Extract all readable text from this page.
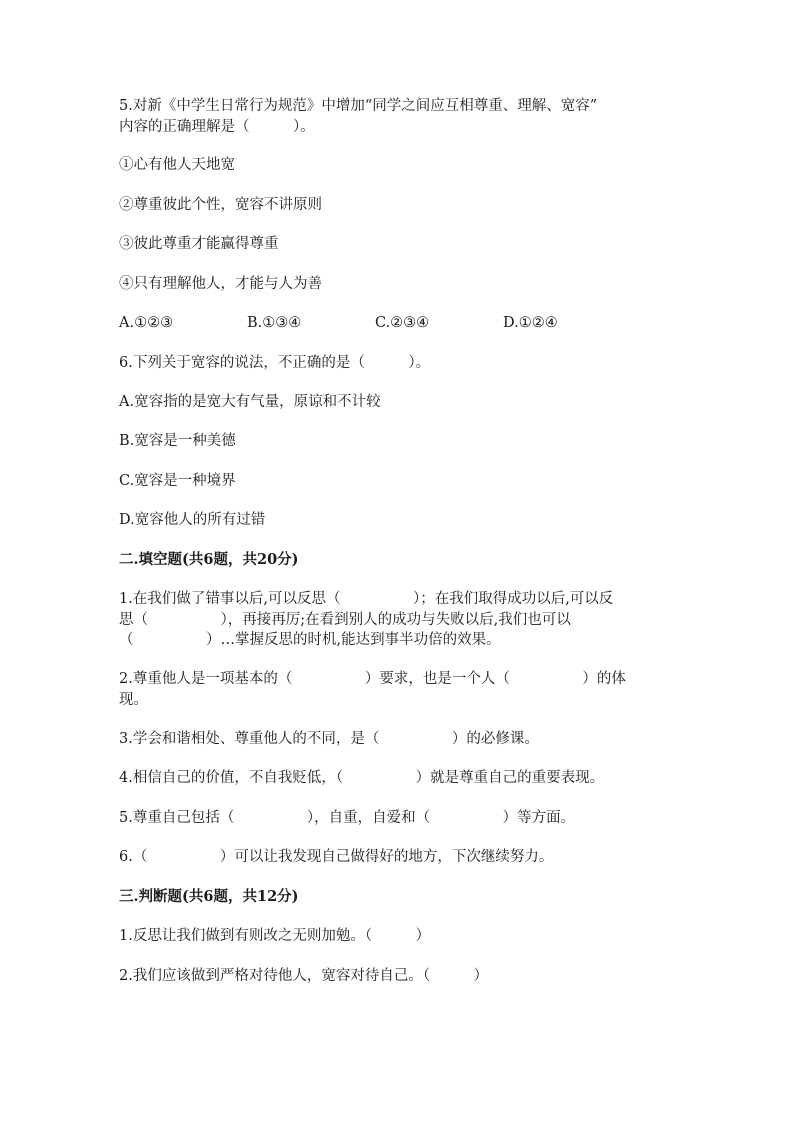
5.对新《中学生日常行为规范》中增加“同学之间应互相尊重、理解、宽容”
内容的正确理解是（　　　）。
①心有他人天地宽
②尊重彼此个性，宽容不讲原则
③彼此尊重才能赢得尊重
④只有理解他人，才能与人为善
A.①②③	B.①③④	C.②③④	D.①②④
6.下列关于宽容的说法，不正确的是（　　　）。
A.宽容指的是宽大有气量，原谅和不计较
B.宽容是一种美德
C.宽容是一种境界
D.宽容他人的所有过错
二.填空题(共6题，共20分)
1.在我们做了错事以后,可以反思（　　　　　）；在我们取得成功以后,可以反
思（　　　　　），再接再厉;在看到别人的成功与失败以后,我们也可以
（　　　　　）…掌握反思的时机,能达到事半功倍的效果。
2.尊重他人是一项基本的（　　　　　）要求，也是一个人（　　　　　）的体
现。
3.学会和谐相处、尊重他人的不同，是（　　　　　）的必修课。
4.相信自己的价值，不自我贬低，（　　　　　）就是尊重自己的重要表现。
5.尊重自己包括（　　　　　），自重，自爱和（　　　　　）等方面。
6.（　　　　　）可以让我发现自己做得好的地方，下次继续努力。
三.判断题(共6题，共12分)
1.反思让我们做到有则改之无则加勉。（　　　）
2.我们应该做到严格对待他人，宽容对待自己。（　　　）
